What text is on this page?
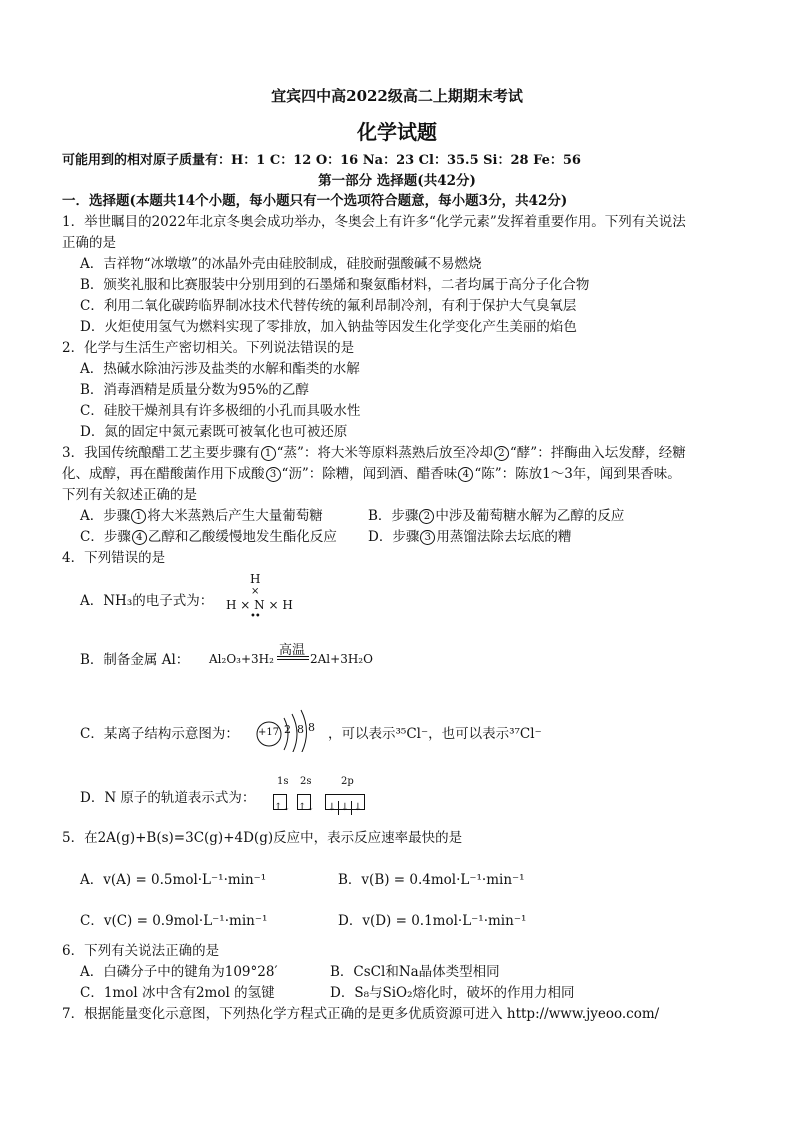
宜宾四中高2022级高二上期期末考试
化学试题
可能用到的相对原子质量有：H：1 C：12 O：16 Na：23 Cl：35.5 Si：28 Fe：56
第一部分 选择题(共42分)
一．选择题(本题共14个小题，每小题只有一个选项符合题意，每小题3分，共42分)
1．举世瞩目的2022年北京冬奥会成功举办，冬奥会上有许多“化学元素”发挥着重要作用。下列有关说法
正确的是
A．吉祥物“冰墩墩”的冰晶外壳由硅胶制成，硅胶耐强酸碱不易燃烧
B．颁奖礼服和比赛服装中分别用到的石墨烯和聚氨酯材料，二者均属于高分子化合物
C．利用二氧化碳跨临界制冰技术代替传统的氟利昂制冷剂，有利于保护大气臭氧层
D．火炬使用氢气为燃料实现了零排放，加入钠盐等因发生化学变化产生美丽的焰色
2．化学与生活生产密切相关。下列说法错误的是
A．热碱水除油污涉及盐类的水解和酯类的水解
B．消毒酒精是质量分数为95%的乙醇
C．硅胶干燥剂具有许多极细的小孔而具吸水性
D．氮的固定中氮元素既可被氧化也可被还原
3．我国传统酿醋工艺主要步骤有 1 “蒸”：将大米等原料蒸熟后放至冷却 2 “酵”：拌酶曲入坛发酵，经糖
化、成醇，再在醋酸菌作用下成酸 3 “沥”：除糟，闻到酒、醋香味 4 “陈”：陈放1～3年，闻到果香味。
下列有关叙述正确的是
A．步骤 1 将大米蒸熟后产生大量葡萄糖	B．步骤 2 中涉及葡萄糖水解为乙醇的反应
C．步骤 4 乙醇和乙酸缓慢地发生酯化反应 D．步骤 3 用蒸馏法除去坛底的糟
4．下列错误的是
A．NH₃的电子式为：
H
×
H × N × H
••
B．制备金属 Al： Al₂O₃+3H₂
高温
2Al+3H₂O
C．某离子结构示意图为： +17 2 8 8 ，可以表示³⁵Cl⁻，也可以表示³⁷Cl⁻
D．N 原子的轨道表示式为：
1s 2s	2p
↑↓ ↑↓ ↓ ↓ ↓
5．在2A(g)+B(s)=3C(g)+4D(g)反应中，表示反应速率最快的是
A．v(A) = 0.5mol·L⁻¹·min⁻¹	B．v(B) = 0.4mol·L⁻¹·min⁻¹
C．v(C) = 0.9mol·L⁻¹·min⁻¹	D．v(D) = 0.1mol·L⁻¹·min⁻¹
6．下列有关说法正确的是
A．白磷分子中的键角为109°28′	B．CsCl和Na晶体类型相同
C．1mol 冰中含有2mol 的氢键	D．S₈与SiO₂熔化时，破坏的作用力相同
7．根据能量变化示意图，下列热化学方程式正确的是更多优质资源可进入 http://www.jyeoo.com/
